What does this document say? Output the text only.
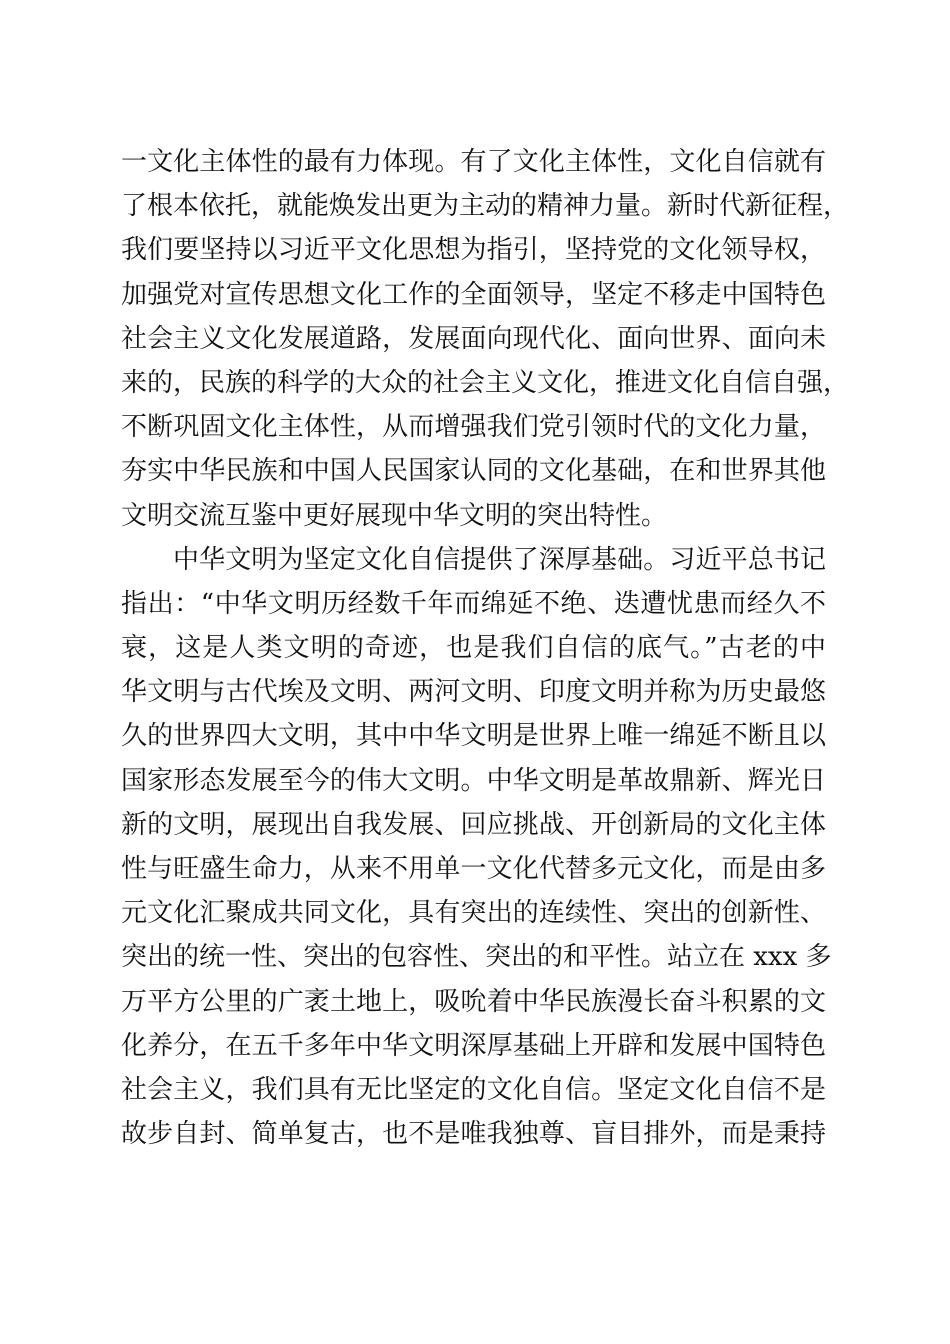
一文化主体性的最有力体现。有了文化主体性，文化自信就有
了根本依托，就能焕发出更为主动的精神力量。新时代新征程，
我们要坚持以习近平文化思想为指引，坚持党的文化领导权，
加强党对宣传思想文化工作的全面领导，坚定不移走中国特色
社会主义文化发展道路，发展面向现代化、面向世界、面向未
来的，民族的科学的大众的社会主义文化，推进文化自信自强，
不断巩固文化主体性，从而增强我们党引领时代的文化力量，
夯实中华民族和中国人民国家认同的文化基础，在和世界其他
文明交流互鉴中更好展现中华文明的突出特性。
中华文明为坚定文化自信提供了深厚基础。习近平总书记
指出：“中华文明历经数千年而绵延不绝、迭遭忧患而经久不
衰，这是人类文明的奇迹，也是我们自信的底气。”古老的中
华文明与古代埃及文明、两河文明、印度文明并称为历史最悠
久的世界四大文明，其中中华文明是世界上唯一绵延不断且以
国家形态发展至今的伟大文明。中华文明是革故鼎新、辉光日
新的文明，展现出自我发展、回应挑战、开创新局的文化主体
性与旺盛生命力，从来不用单一文化代替多元文化，而是由多
元文化汇聚成共同文化，具有突出的连续性、突出的创新性、
突出的统一性、突出的包容性、突出的和平性。站立在 xxx 多
万平方公里的广袤土地上，吸吮着中华民族漫长奋斗积累的文
化养分，在五千多年中华文明深厚基础上开辟和发展中国特色
社会主义，我们具有无比坚定的文化自信。坚定文化自信不是
故步自封、简单复古，也不是唯我独尊、盲目排外，而是秉持
